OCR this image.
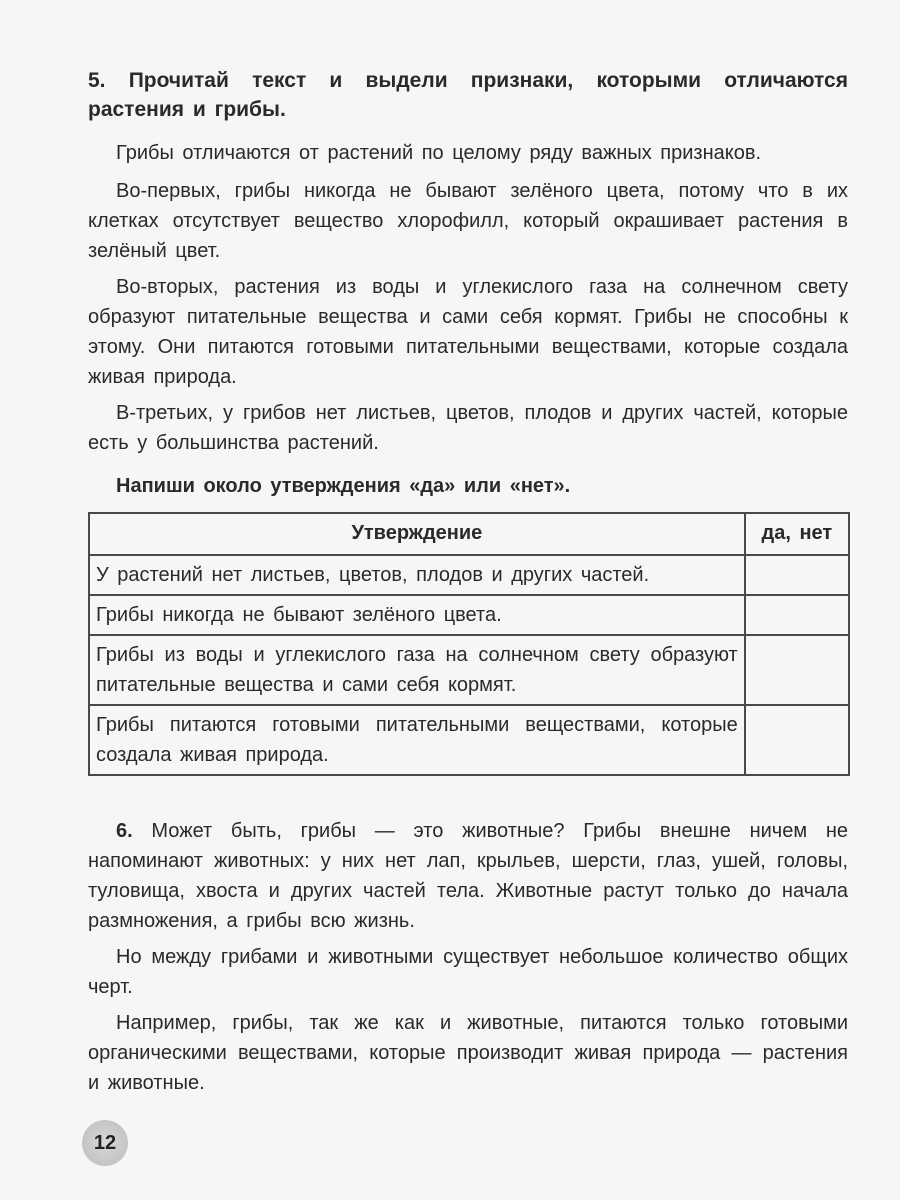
5. Прочитай текст и выдели признаки, которыми отличаются растения и грибы.

Грибы отличаются от растений по целому ряду важных признаков.

Во-первых, грибы никогда не бывают зелёного цвета, потому что в их клетках отсутствует вещество хлорофилл, который окрашивает растения в зелёный цвет.

Во-вторых, растения из воды и углекислого газа на солнечном свету образуют питательные вещества и сами себя кормят. Грибы не способны к этому. Они питаются готовыми питательными веществами, которые создала живая природа.

В-третьих, у грибов нет листьев, цветов, плодов и других частей, которые есть у большинства растений.

Напиши около утверждения «да» или «нет».

Утверждение	да, нет
У растений нет листьев, цветов, плодов и других частей.	
Грибы никогда не бывают зелёного цвета.	
Грибы из воды и углекислого газа на солнечном свету образуют питательные вещества и сами себя кормят.	
Грибы питаются готовыми питательными веществами, которые создала живая природа.	

6. Может быть, грибы — это животные? Грибы внешне ничем не напоминают животных: у них нет лап, крыльев, шерсти, глаз, ушей, головы, туловища, хвоста и других частей тела. Животные растут только до начала размножения, а грибы всю жизнь.

Но между грибами и животными существует небольшое количество общих черт.

Например, грибы, так же как и животные, питаются только готовыми органическими веществами, которые производит живая природа — растения и животные.

12
